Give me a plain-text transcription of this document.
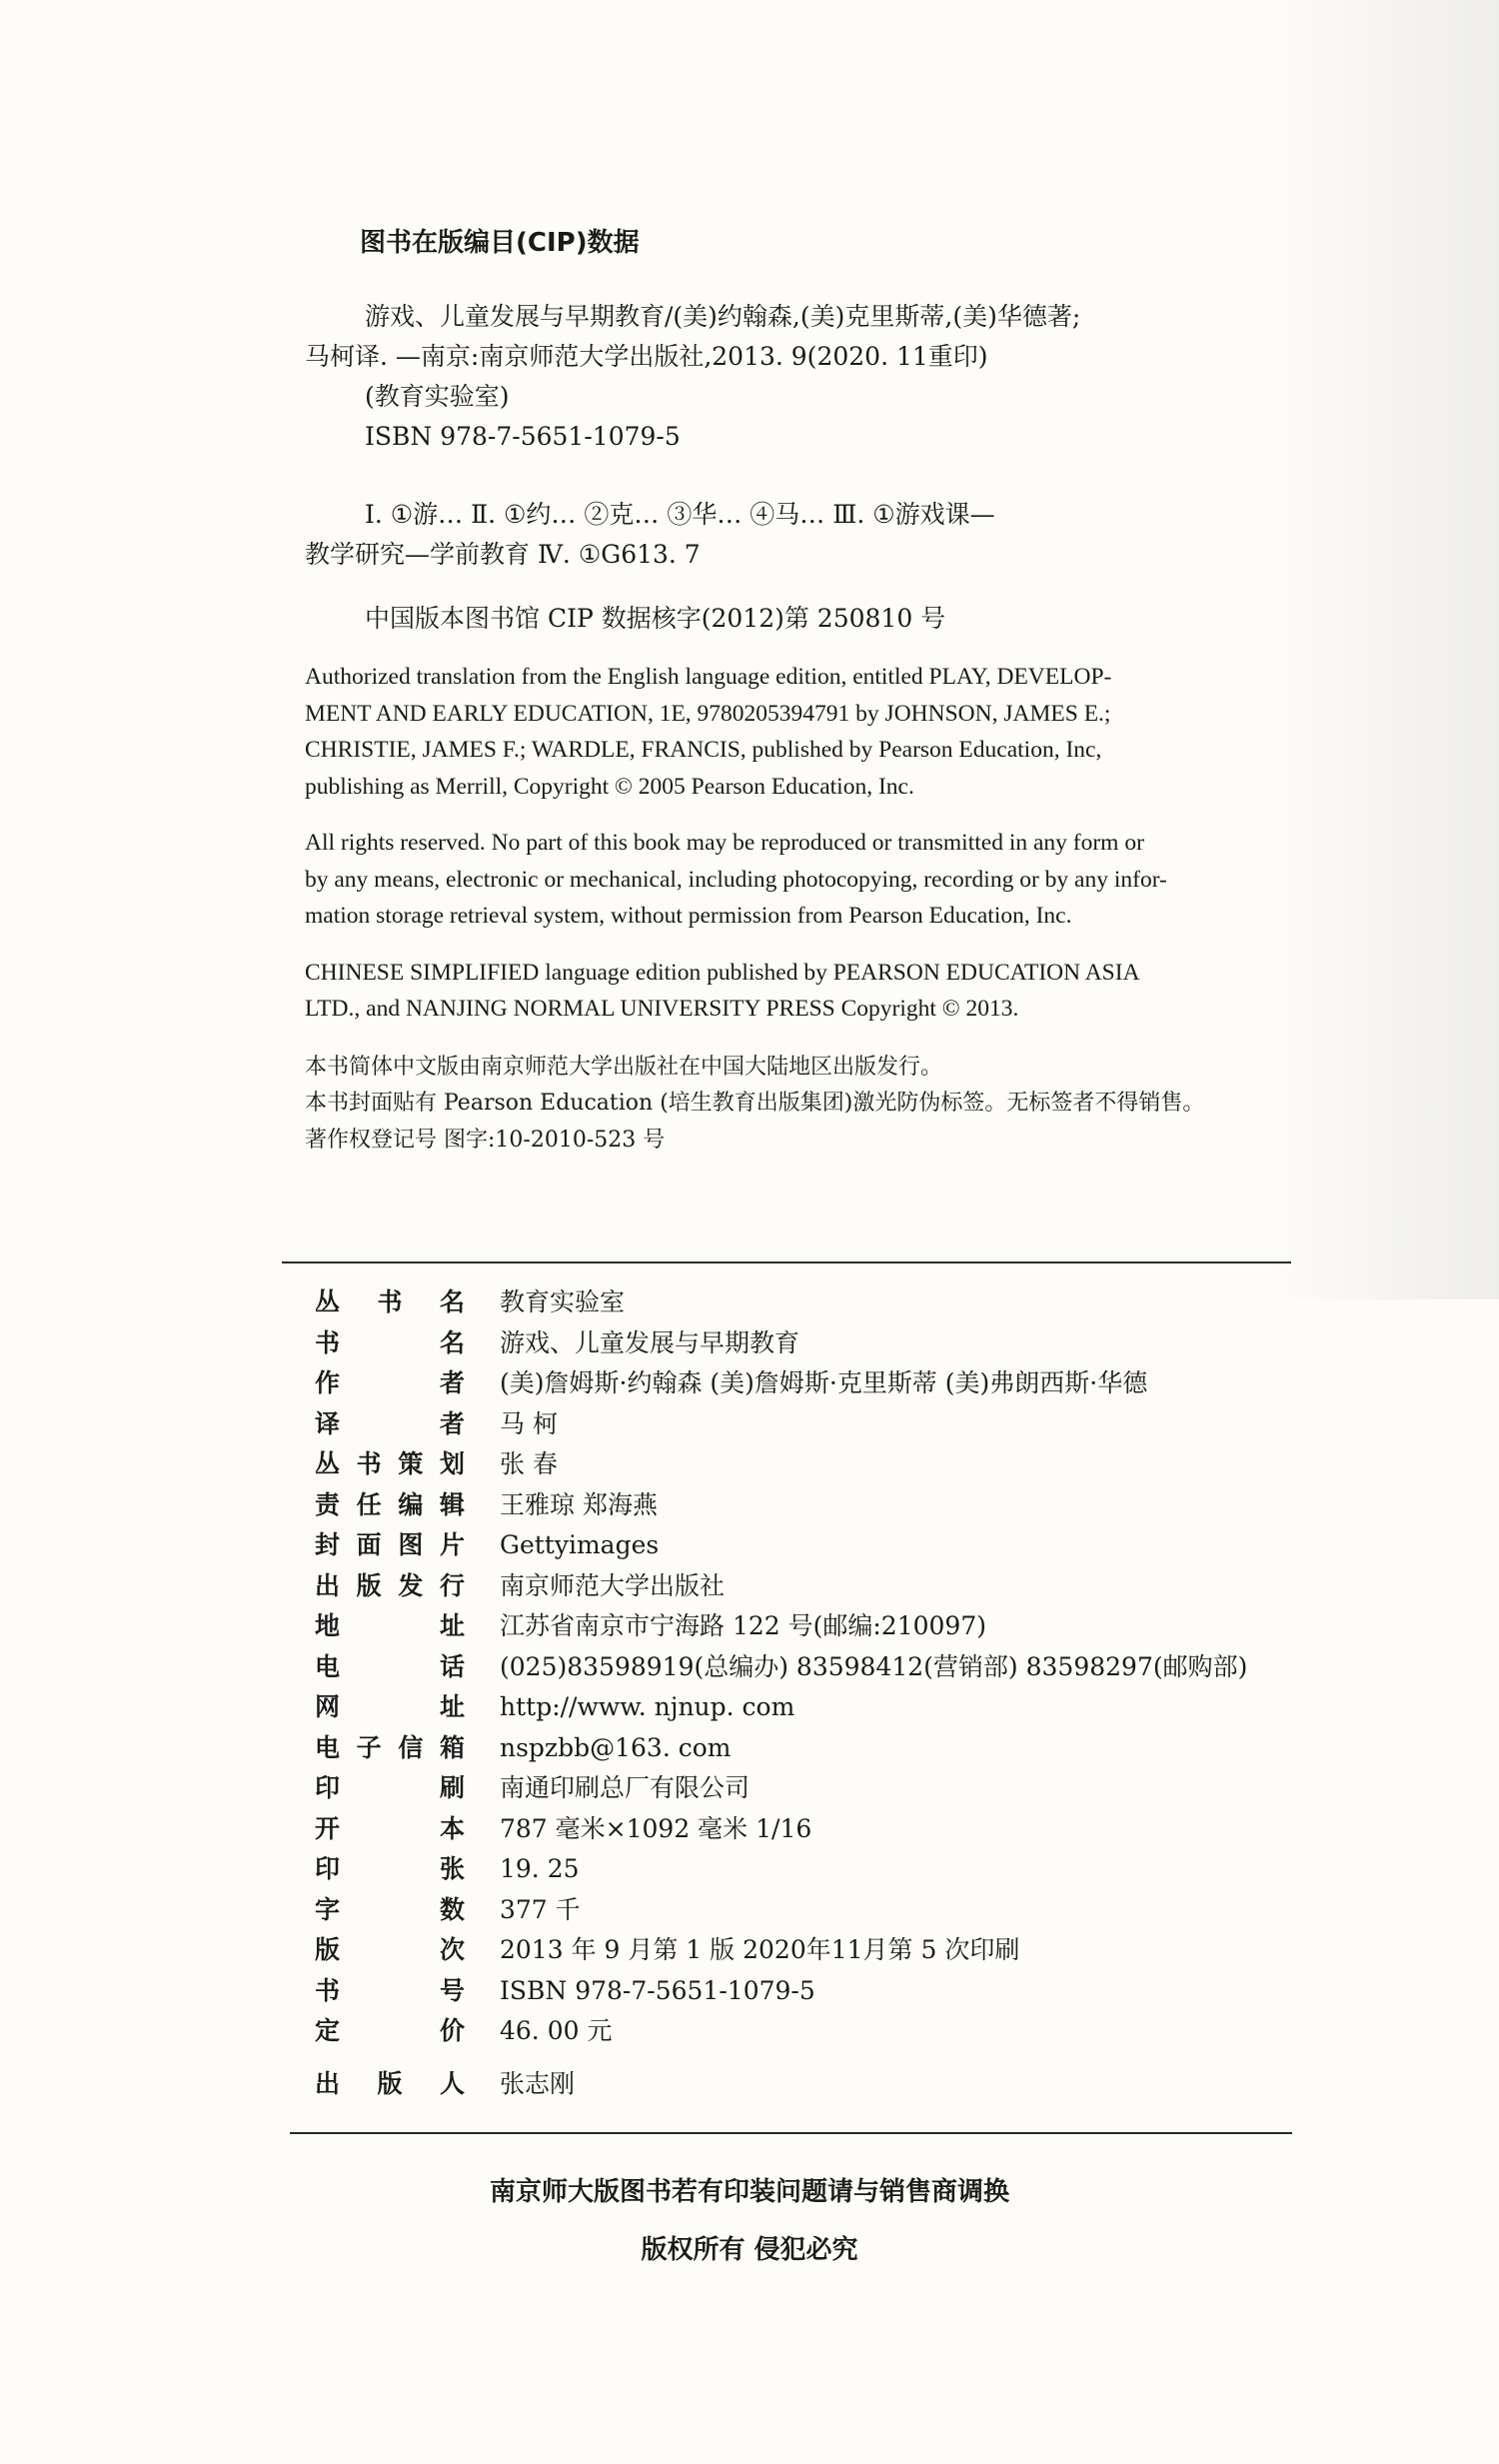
图书在版编目(CIP)数据
游戏、儿童发展与早期教育/(美)约翰森,(美)克里斯蒂,(美)华德著;
马柯译. —南京:南京师范大学出版社,2013. 9(2020. 11重印)
(教育实验室)
ISBN 978-7-5651-1079-5
Ⅰ. ①游… Ⅱ. ①约… ②克… ③华… ④马… Ⅲ. ①游戏课—
教学研究—学前教育 Ⅳ. ①G613. 7
中国版本图书馆 CIP 数据核字(2012)第 250810 号
Authorized translation from the English language edition, entitled PLAY, DEVELOP-
MENT AND EARLY EDUCATION, 1E, 9780205394791 by JOHNSON, JAMES E.;
CHRISTIE, JAMES F.; WARDLE, FRANCIS, published by Pearson Education, Inc,
publishing as Merrill, Copyright © 2005 Pearson Education, Inc.
All rights reserved. No part of this book may be reproduced or transmitted in any form or
by any means, electronic or mechanical, including photocopying, recording or by any infor-
mation storage retrieval system, without permission from Pearson Education, Inc.
CHINESE SIMPLIFIED language edition published by PEARSON EDUCATION ASIA
LTD., and NANJING NORMAL UNIVERSITY PRESS Copyright © 2013.
本书简体中文版由南京师范大学出版社在中国大陆地区出版发行。
本书封面贴有 Pearson Education (培生教育出版集团)激光防伪标签。无标签者不得销售。
著作权登记号 图字:10-2010-523 号
丛 书 名 教育实验室
书	名 游戏、儿童发展与早期教育
作	者 (美)詹姆斯·约翰森 (美)詹姆斯·克里斯蒂 (美)弗朗西斯·华德
译	者 马 柯
丛 书 策 划 张 春
责 任 编 辑 王雅琼 郑海燕
封 面 图 片 Gettyimages
出 版 发 行 南京师范大学出版社
地	址 江苏省南京市宁海路 122 号(邮编:210097)
电	话 (025)83598919(总编办) 83598412(营销部) 83598297(邮购部)
网	址 http://www. njnup. com
电 子 信 箱 nspzbb@163. com
印	刷 南通印刷总厂有限公司
开	本 787 毫米×1092 毫米 1/16
印	张 19. 25
字	数 377 千
版	次 2013 年 9 月第 1 版 2020年11月第 5 次印刷
书	号 ISBN 978-7-5651-1079-5
定	价 46. 00 元
出 版 人 张志刚
南京师大版图书若有印装问题请与销售商调换
版权所有 侵犯必究
